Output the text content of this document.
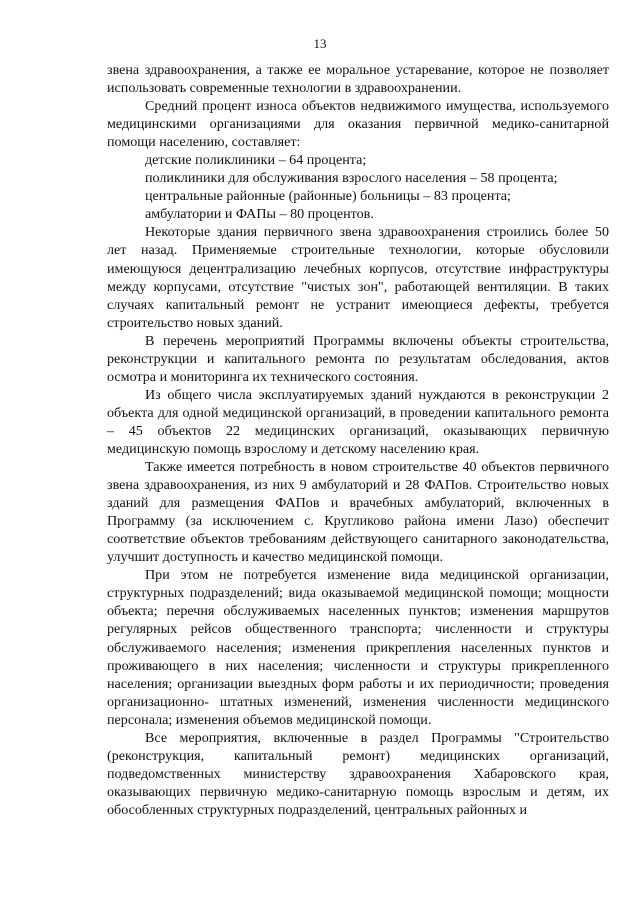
13

звена здравоохранения, а также ее моральное устаревание, которое не позволяет использовать современные технологии в здравоохранении.

Средний процент износа объектов недвижимого имущества, используемого медицинскими организациями для оказания первичной медико-санитарной помощи населению, составляет:

детские поликлиники – 64 процента;

поликлиники для обслуживания взрослого населения – 58 процента;

центральные районные (районные) больницы – 83 процента;

амбулатории и ФАПы – 80 процентов.

Некоторые здания первичного звена здравоохранения строились более 50 лет назад. Применяемые строительные технологии, которые обусловили имеющуюся децентрализацию лечебных корпусов, отсутствие инфраструктуры между корпусами, отсутствие "чистых зон", работающей вентиляции. В таких случаях капитальный ремонт не устранит имеющиеся дефекты, требуется строительство новых зданий.

В перечень мероприятий Программы включены объекты строительства, реконструкции и капитального ремонта по результатам обследования, актов осмотра и мониторинга их технического состояния.

Из общего числа эксплуатируемых зданий нуждаются в реконструкции 2 объекта для одной медицинской организаций, в проведении капитального ремонта – 45 объектов 22 медицинских организаций, оказывающих первичную медицинскую помощь взрослому и детскому населению края.

Также имеется потребность в новом строительстве 40 объектов первичного звена здравоохранения, из них 9 амбулаторий и 28 ФАПов. Строительство новых зданий для размещения ФАПов и врачебных амбулаторий, включенных в Программу (за исключением с. Кругликово района имени Лазо) обеспечит соответствие объектов требованиям действующего санитарного законодательства, улучшит доступность и качество медицинской помощи.

При этом не потребуется изменение вида медицинской организации, структурных подразделений; вида оказываемой медицинской помощи; мощности объекта; перечня обслуживаемых населенных пунктов; изменения маршрутов регулярных рейсов общественного транспорта; численности и структуры обслуживаемого населения; изменения прикрепления населенных пунктов и проживающего в них населения; численности и структуры прикрепленного населения; организации выездных форм работы и их периодичности; проведения организационно- штатных изменений, изменения численности медицинского персонала; изменения объемов медицинской помощи.

Все мероприятия, включенные в раздел Программы "Строительство (реконструкция, капитальный ремонт) медицинских организаций, подведомственных министерству здравоохранения Хабаровского края, оказывающих первичную медико-санитарную помощь взрослым и детям, их обособленных структурных подразделений, центральных районных и
